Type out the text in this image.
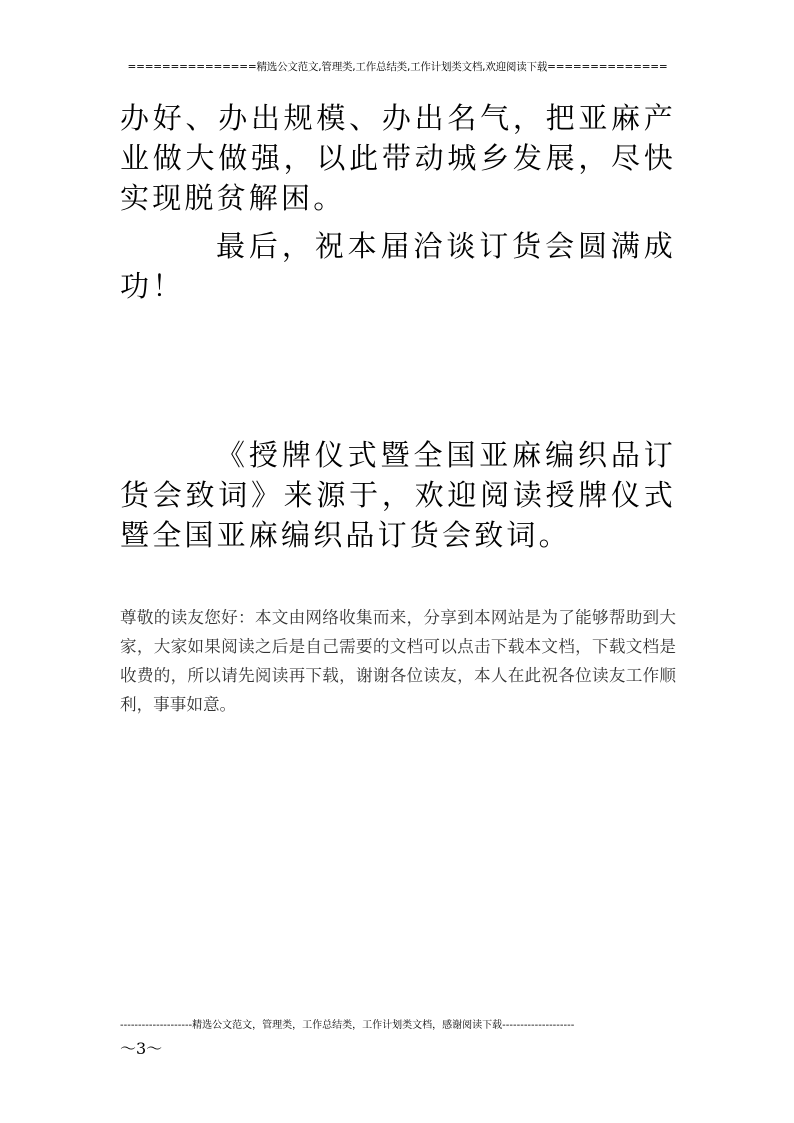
===============精选公文范文,管理类,工作总结类,工作计划类文档,欢迎阅读下载==============

办好、办出规模、办出名气，把亚麻产业做大做强，以此带动城乡发展，尽快实现脱贫解困。

最后，祝本届洽谈订货会圆满成功！

《授牌仪式暨全国亚麻编织品订货会致词》来源于，欢迎阅读授牌仪式暨全国亚麻编织品订货会致词。

尊敬的读友您好：本文由网络收集而来，分享到本网站是为了能够帮助到大家，大家如果阅读之后是自己需要的文档可以点击下载本文档，下载文档是收费的，所以请先阅读再下载，谢谢各位读友，本人在此祝各位读友工作顺利，事事如意。

--------------------精选公文范文，管理类，工作总结类，工作计划类文档，感谢阅读下载--------------------
～3～
